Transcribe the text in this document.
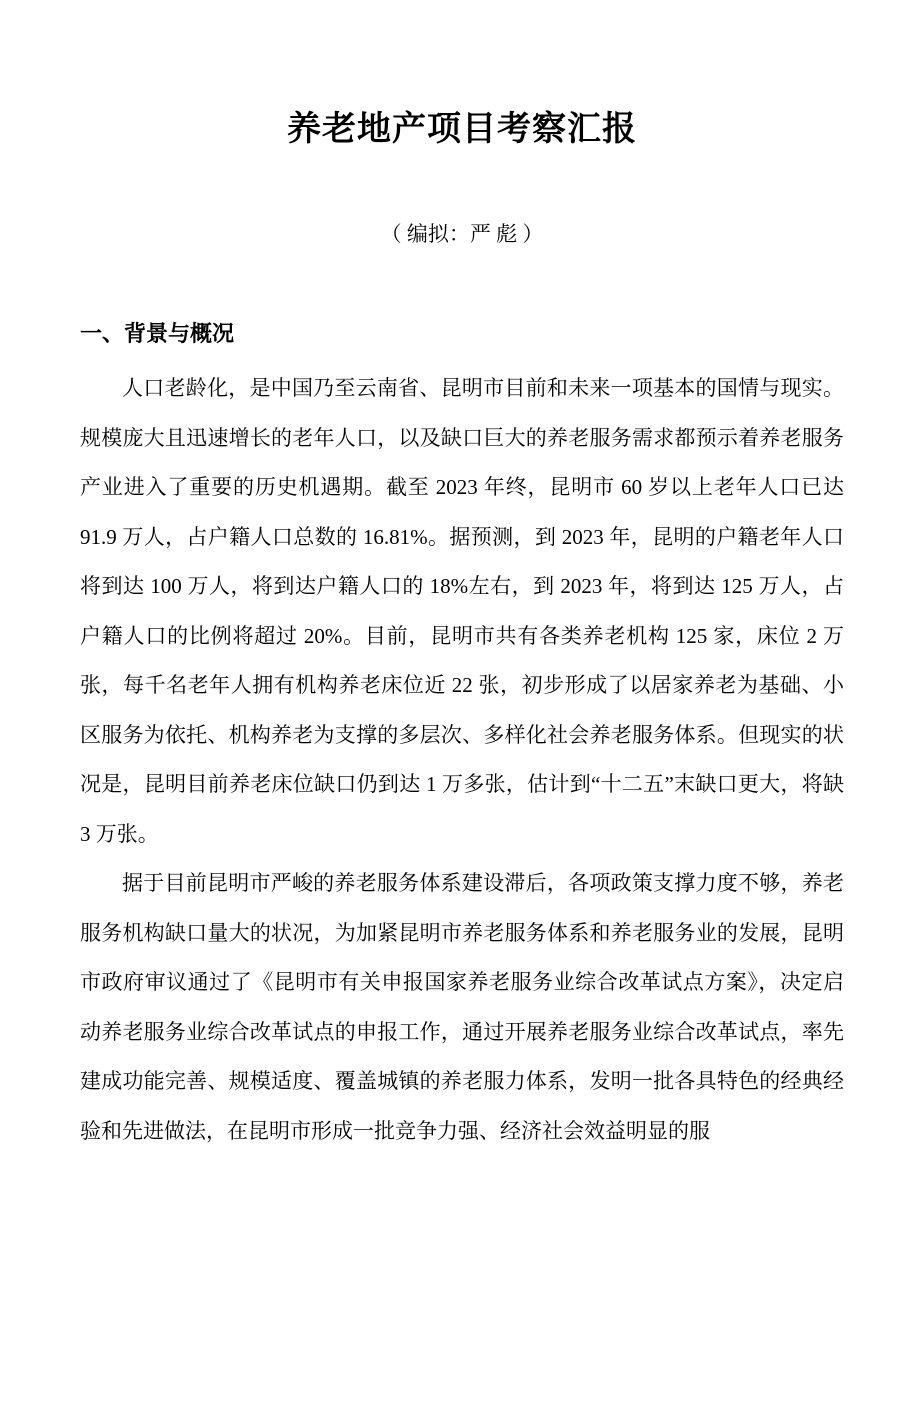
养老地产项目考察汇报
（ 编拟：严 彪 ）
一、背景与概况

人口老龄化，是中国乃至云南省、昆明市目前和未来一项基本的国情与现实。规模庞大且迅速增长的老年人口，以及缺口巨大的养老服务需求都预示着养老服务产业进入了重要的历史机遇期。截至 2023 年终，昆明市 60 岁以上老年人口已达 91.9 万人，占户籍人口总数的 16.81%。据预测，到 2023 年，昆明的户籍老年人口将到达 100 万人，将到达户籍人口的 18%左右，到 2023 年，将到达 125 万人，占户籍人口的比例将超过 20%。目前，昆明市共有各类养老机构 125 家，床位 2 万张，每千名老年人拥有机构养老床位近 22 张，初步形成了以居家养老为基础、小区服务为依托、机构养老为支撑的多层次、多样化社会养老服务体系。但现实的状况是，昆明目前养老床位缺口仍到达 1 万多张，估计到“十二五”末缺口更大，将缺 3 万张。

据于目前昆明市严峻的养老服务体系建设滞后，各项政策支撑力度不够，养老服务机构缺口量大的状况，为加紧昆明市养老服务体系和养老服务业的发展，昆明市政府审议通过了《昆明市有关申报国家养老服务业综合改革试点方案》，决定启动养老服务业综合改革试点的申报工作，通过开展养老服务业综合改革试点，率先建成功能完善、规模适度、覆盖城镇的养老服力体系，发明一批各具特色的经典经验和先进做法，在昆明市形成一批竞争力强、经济社会效益明显的服
